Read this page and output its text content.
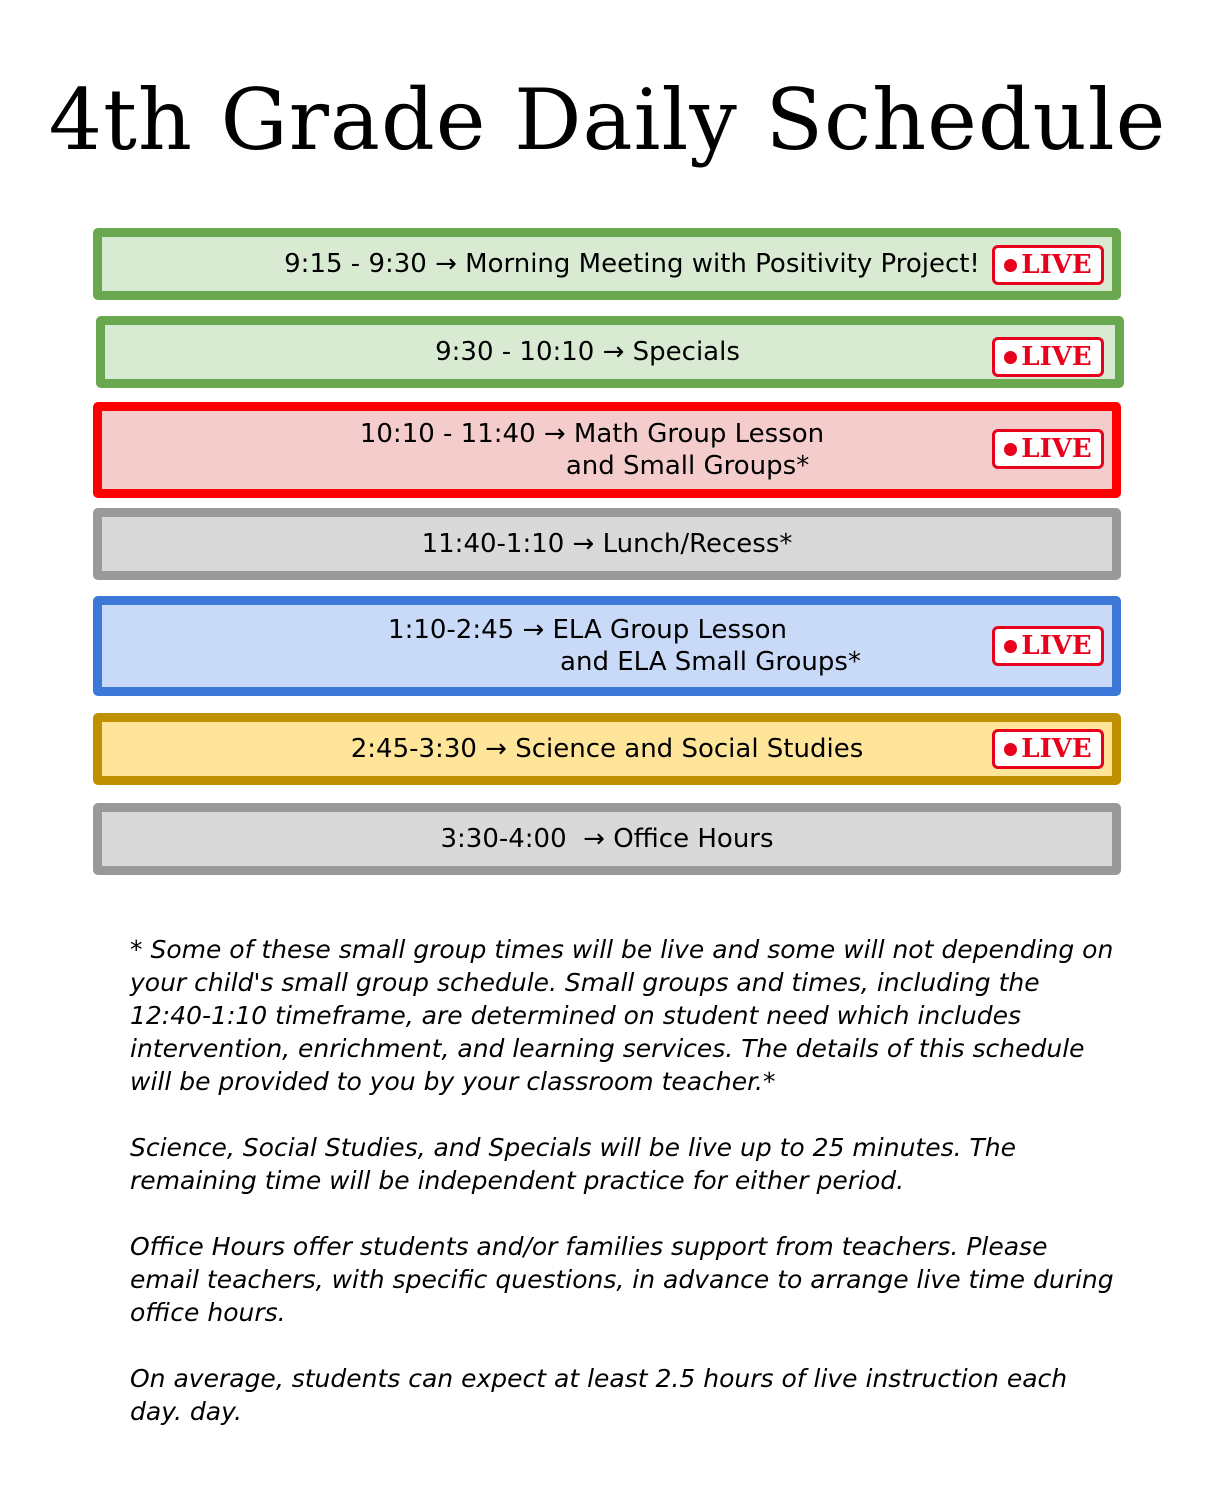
4th Grade Daily Schedule
9:15 - 9:30 → Morning Meeting with Positivity Project! LIVE
9:30 - 10:10 → Specials	LIVE
10:10 - 11:40 → Math Group Lesson
and Small Groups*
LIVE
11:40-1:10 → Lunch/Recess*
1:10-2:45 → ELA Group Lesson
and ELA Small Groups*
LIVE
2:45-3:30 → Science and Social Studies	LIVE
3:30-4:00  → Office Hours

* Some of these small group times will be live and some will not depending on your child's small group schedule. Small groups and times, including the 12:40-1:10 timeframe, are determined on student need which includes intervention, enrichment, and learning services. The details of this schedule will be provided to you by your classroom teacher.*

Science, Social Studies, and Specials will be live up to 25 minutes. The remaining time will be independent practice for either period.

Office Hours offer students and/or families support from teachers. Please email teachers, with specific questions, in advance to arrange live time during office hours.

On average, students can expect at least 2.5 hours of live instruction each day. day.
